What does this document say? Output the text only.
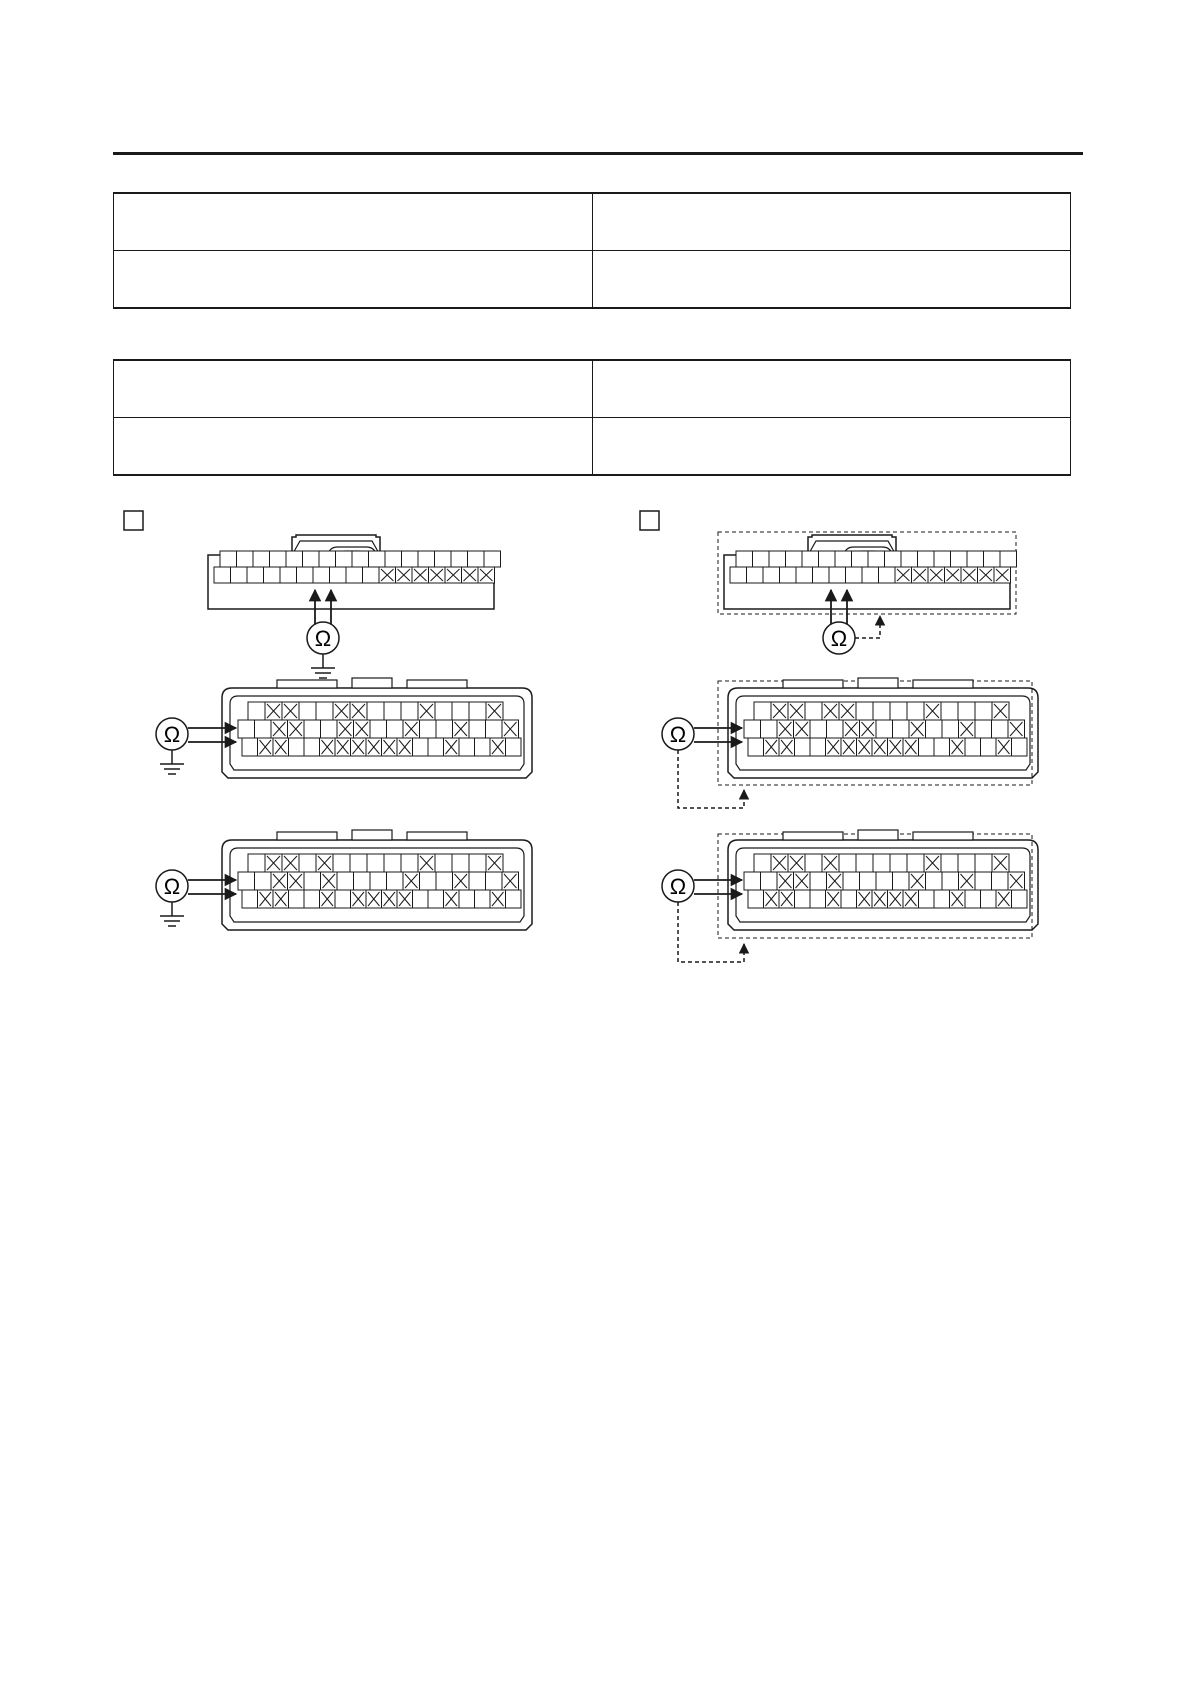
Ω
Ω
Ω
Ω
Ω
Ω
